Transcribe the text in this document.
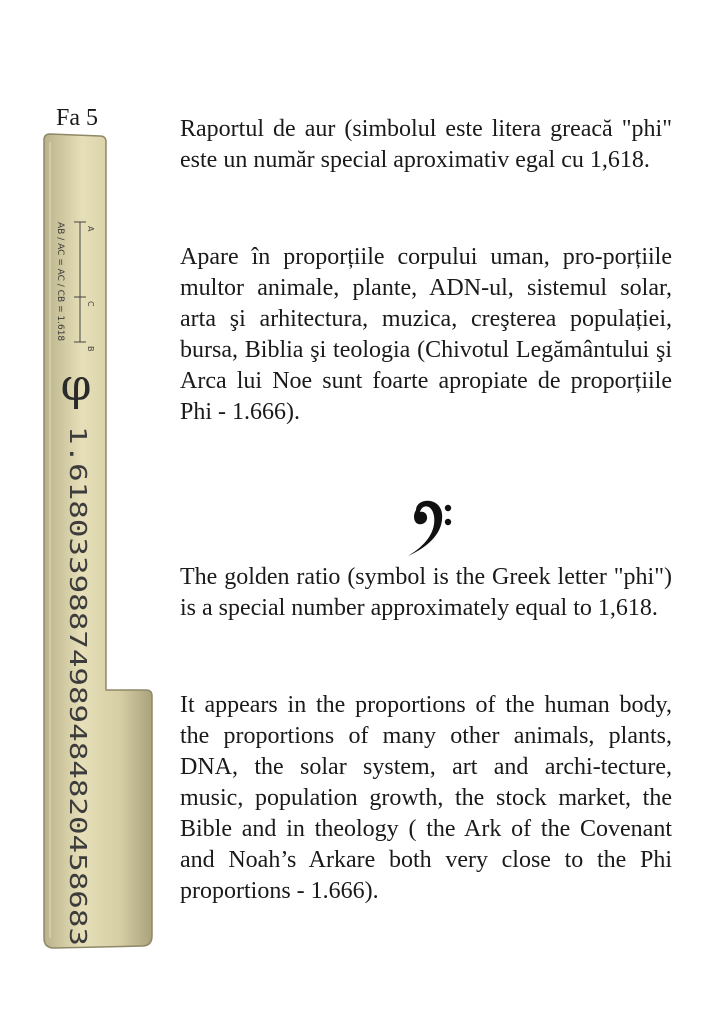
Fa 5
A
C
B
AB / AC = AC / CB = 1.618
φ
1.61803398874989484820458683

Raportul de aur (simbolul este litera greacă "phi" este un număr special aproximativ egal cu 1,618.

Apare în proporțiile corpului uman, pro-porțiile multor animale, plante, ADN-ul, sistemul solar, arta şi arhitectura, muzica, creşterea populației, bursa, Biblia şi teologia (Chivotul Legământului şi Arca lui Noe sunt foarte apropiate de proporțiile Phi - 1.666).

The golden ratio (symbol is the Greek letter "phi") is a special number approximately equal to 1,618.

It appears in the proportions of the human body, the proportions of many other animals, plants, DNA, the solar system, art and archi-tecture, music, population growth, the stock market, the Bible and in theology ( the Ark of the Covenant and Noah’s Arkare both very close to the Phi proportions - 1.666).
